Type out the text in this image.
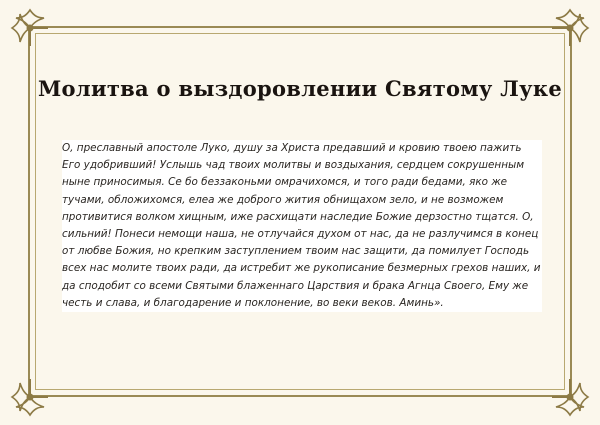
Молитва о выздоровлении Святому Луке
О, преславный апостоле Луко, душу за Христа предавший и кровию твоею пажить Его удобривший! Услышь чад твоих молитвы и воздыхания, сердцем сокрушенным ныне приносимыя. Се бо беззаконьми омрачихомся, и того ради бедами, яко же тучами, обложихомся, елеа же доброго жития обнищахом зело, и не возможем противитися волком хищным, иже расхищати наследие Божие дерзостно тщатся. О, сильний! Понеси немощи наша, не отлучайся духом от нас, да не разлучимся в конец от любве Божия, но крепким заступлением твоим нас защити, да помилует Господь всех нас молите твоих ради, да истребит же рукописание безмерных грехов наших, и да сподобит со всеми Святыми блаженнаго Царствия и брака Агнца Своего, Ему же честь и слава, и благодарение и поклонение, во веки веков. Аминь».
